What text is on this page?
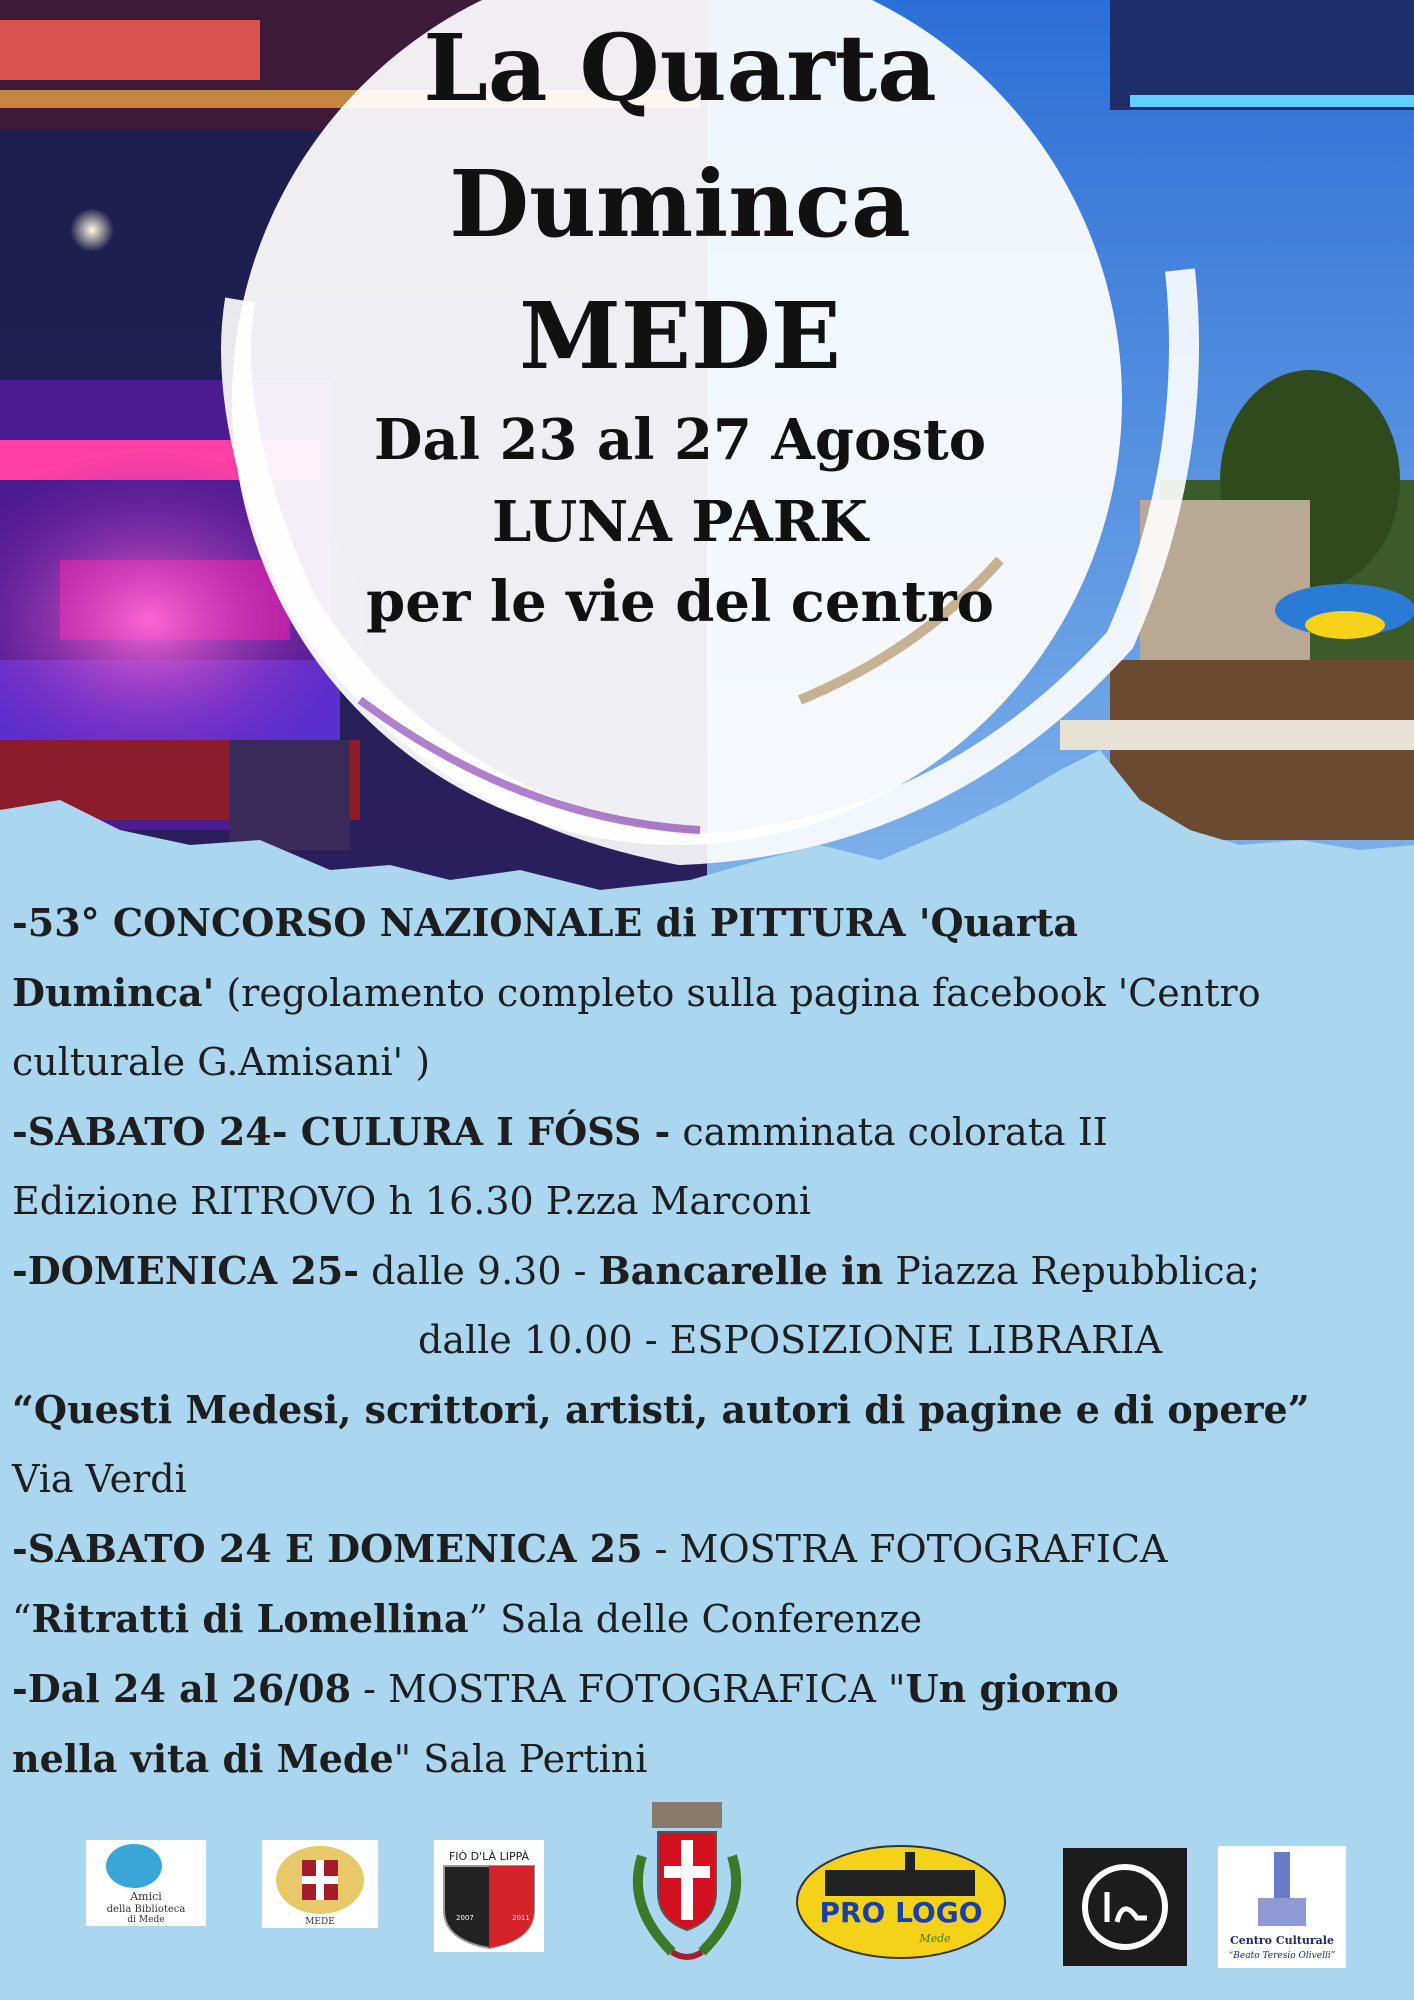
La Quarta
Duminca
MEDE
Dal 23 al 27 Agosto
LUNA PARK
per le vie del centro

-53° CONCORSO NAZIONALE di PITTURA 'Quarta

Duminca' (regolamento completo sulla pagina facebook 'Centro

culturale G.Amisani' )

-SABATO 24- CULURA I FÓSS - camminata colorata II

Edizione RITROVO h 16.30 P.zza Marconi

-DOMENICA 25- dalle 9.30 - Bancarelle in Piazza Repubblica;

dalle 10.00 - ESPOSIZIONE LIBRARIA

“Questi Medesi, scrittori, artisti, autori di pagine e di opere”

Via Verdi

-SABATO 24 E DOMENICA 25 - MOSTRA FOTOGRAFICA

“Ritratti di Lomellina” Sala delle Conferenze

-Dal 24 al 26/08 - MOSTRA FOTOGRAFICA "Un giorno

nella vita di Mede" Sala Pertini

Amici
della Biblioteca
di Mede	MEDE
FIÒ D'LÀ LIPPÀ
2007	2011	PRO LOGO
Mede	Centro Culturale
“Beato Teresio Olivelli”
